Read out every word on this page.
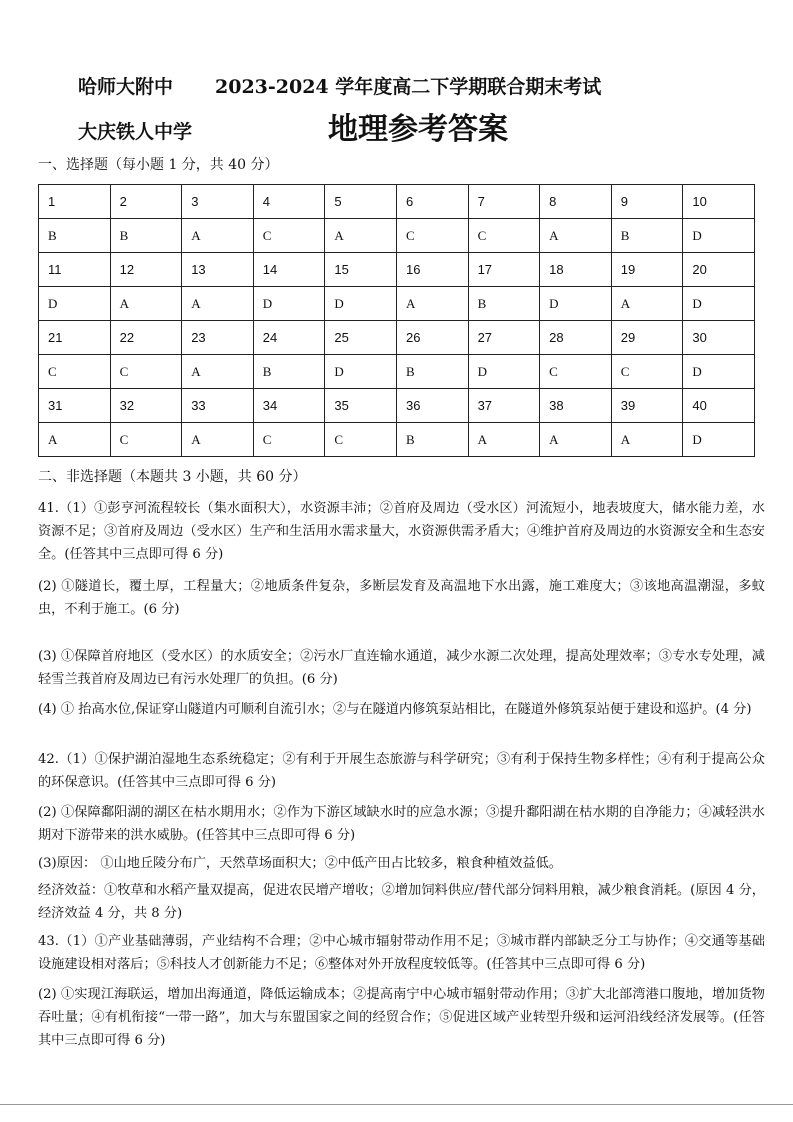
哈师大附中 2023-2024 学年度高二下学期联合期末考试
大庆铁人中学	地理参考答案
一、选择题（每小题 1 分，共 40 分）
1	2	3	4	5	6	7	8	9	10
B	B	A	C	A	C	C	A	B	D
11	12	13	14	15	16	17	18	19	20
D	A	A	D	D	A	B	D	A	D
21	22	23	24	25	26	27	28	29	30
C	C	A	B	D	B	D	C	C	D
31	32	33	34	35	36	37	38	39	40
A	C	A	C	C	B	A	A	A	D
二、非选择题（本题共 3 小题，共 60 分）
41.（1）①彭亨河流程较长（集水面积大），水资源丰沛；②首府及周边（受水区）河流短小，地表坡度大，储水能力差，水资源不足；③首府及周边（受水区）生产和生活用水需求量大，水资源供需矛盾大；④维护首府及周边的水资源安全和生态安全。(任答其中三点即可得 6 分)
(2) ①隧道长，覆土厚，工程量大；②地质条件复杂，多断层发育及高温地下水出露，施工难度大；③该地高温潮湿，多蚊虫，不利于施工。(6 分)
(3) ①保障首府地区（受水区）的水质安全；②污水厂直连输水通道，减少水源二次处理，提高处理效率；③专水专处理，减轻雪兰莪首府及周边已有污水处理厂的负担。(6 分)
(4) ① 抬高水位,保证穿山隧道内可顺利自流引水；②与在隧道内修筑泵站相比，在隧道外修筑泵站便于建设和巡护。(4 分)
42.（1）①保护湖泊湿地生态系统稳定；②有利于开展生态旅游与科学研究；③有利于保持生物多样性；④有利于提高公众的环保意识。(任答其中三点即可得 6 分)
(2) ①保障鄱阳湖的湖区在枯水期用水；②作为下游区域缺水时的应急水源；③提升鄱阳湖在枯水期的自净能力；④减轻洪水期对下游带来的洪水威胁。(任答其中三点即可得 6 分)
(3)原因： ①山地丘陵分布广，天然草场面积大；②中低产田占比较多，粮食种植效益低。
经济效益：①牧草和水稻产量双提高，促进农民增产增收；②增加饲料供应/替代部分饲料用粮，减少粮食消耗。(原因 4 分，经济效益 4 分，共 8 分)
43.（1）①产业基础薄弱，产业结构不合理；②中心城市辐射带动作用不足；③城市群内部缺乏分工与协作；④交通等基础设施建设相对落后；⑤科技人才创新能力不足；⑥整体对外开放程度较低等。(任答其中三点即可得 6 分)
(2) ①实现江海联运，增加出海通道，降低运输成本；②提高南宁中心城市辐射带动作用；③扩大北部湾港口腹地，增加货物吞吐量；④有机衔接“一带一路”，加大与东盟国家之间的经贸合作；⑤促进区域产业转型升级和运河沿线经济发展等。(任答其中三点即可得 6 分)
